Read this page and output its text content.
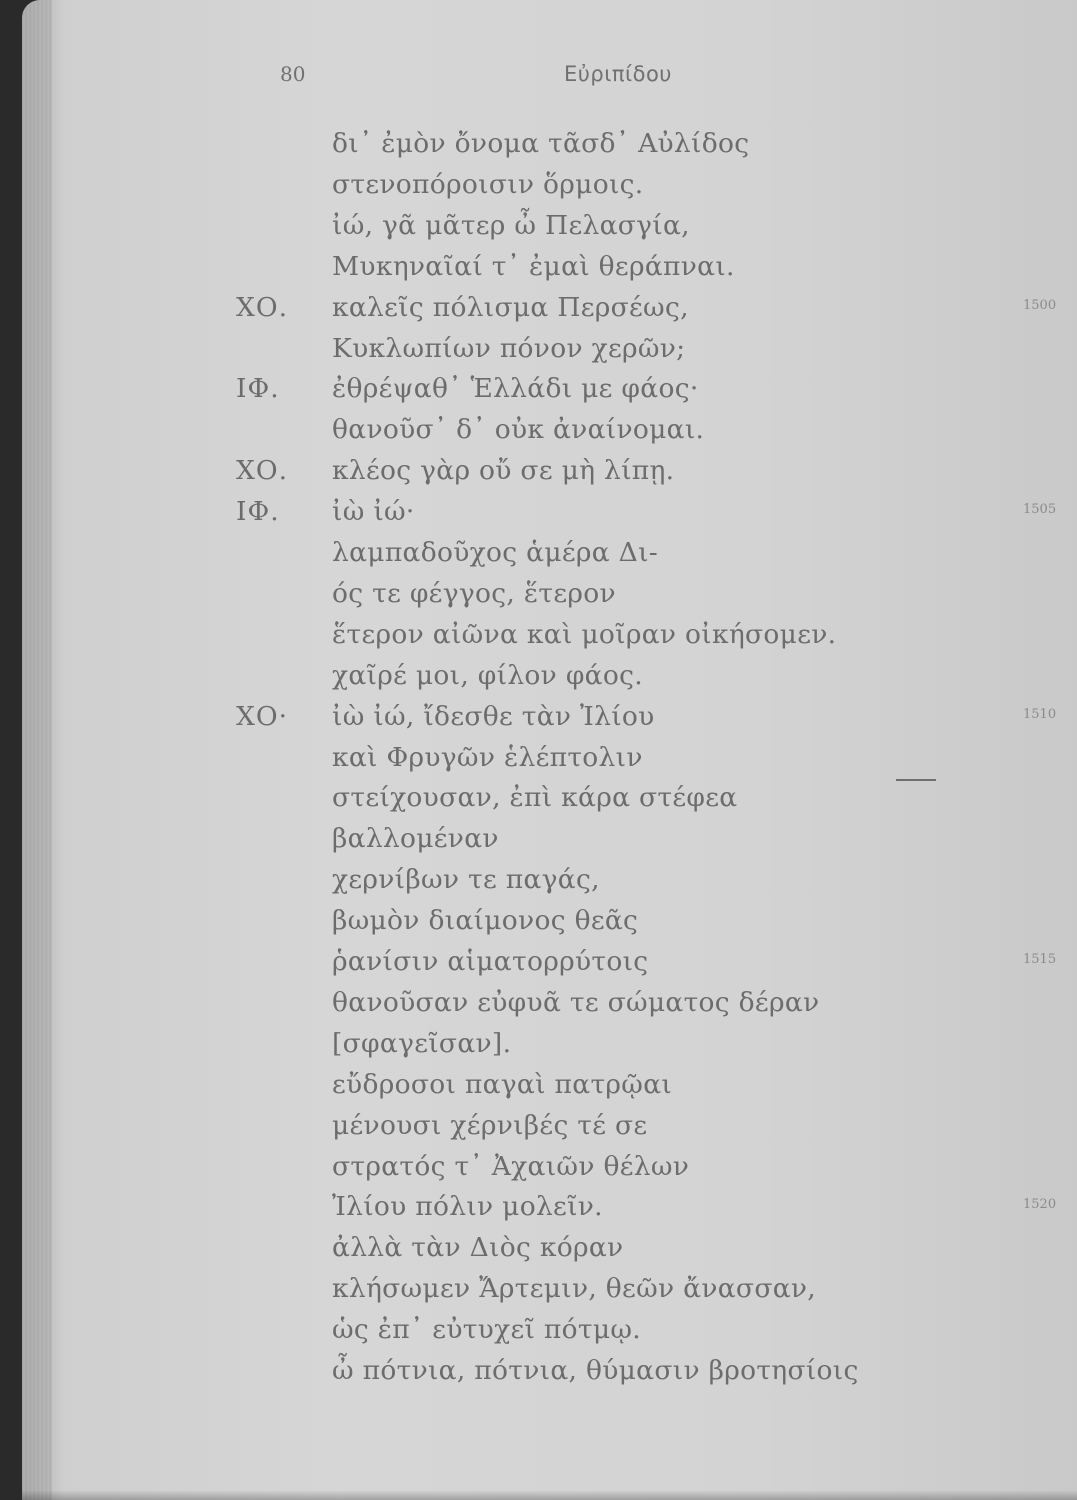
80	Εὐριπίδου
δι᾿ ἐμὸν ὄνομα τᾶσδ᾿ Αὐλίδος
στενοπόροισιν ὅρμοις.
ἰώ, γᾶ μᾶτερ ὦ Πελασγία,
Μυκηναῖαί τ᾿ ἐμαὶ θεράπναι.
ΧΟ. καλεῖς πόλισμα Περσέως,	1500
Κυκλωπίων πόνον χερῶν;
ΙΦ. ἐθρέψαθ᾿ Ἑλλάδι με φάος·
θανοῦσ᾿ δ᾿ οὐκ ἀναίνομαι.
ΧΟ. κλέος γὰρ οὔ σε μὴ λίπῃ.
ΙΦ. ἰὼ ἰώ·	1505
λαμπαδοῦχος ἁμέρα Δι-
ός τε φέγγος, ἕτερον
ἕτερον αἰῶνα καὶ μοῖραν οἰκήσομεν.
χαῖρέ μοι, φίλον φάος.
ΧΟ· ἰὼ ἰώ, ἴδεσθε τὰν Ἰλίου	1510
καὶ Φρυγῶν ἑλέπτολιν
στείχουσαν, ἐπὶ κάρα στέφεα
βαλλομέναν
χερνίβων τε παγάς,
βωμὸν διαίμονος θεᾶς
ῥανίσιν αἱματορρύτοις	1515
θανοῦσαν εὐφυᾶ τε σώματος δέραν
[σφαγεῖσαν].
εὔδροσοι παγαὶ πατρῷαι
μένουσι χέρνιβές τέ σε
στρατός τ᾿ Ἀχαιῶν θέλων
Ἰλίου πόλιν μολεῖν.	1520
ἀλλὰ τὰν Διὸς κόραν
κλήσωμεν Ἄρτεμιν, θεῶν ἄνασσαν,
ὡς ἐπ᾿ εὐτυχεῖ πότμῳ.
ὦ πότνια, πότνια, θύμασιν βροτησίοις
